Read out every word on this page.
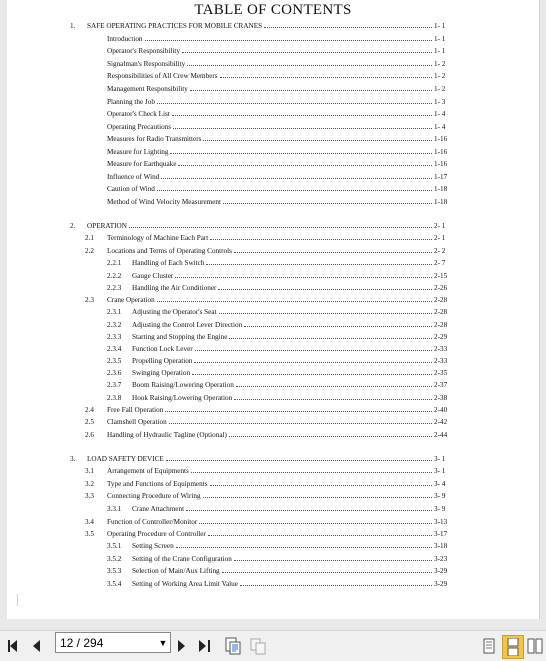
TABLE OF CONTENTS
1. SAFE OPERATING PRACTICES FOR MOBILE CRANES	1- 1
Introduction	1- 1
Operator's Responsibility	1- 1
Signalman's Responsibility	1- 2
Responsibilities of All Crew Members	1- 2
Management Responsibility	1- 2
Planning the Job	1- 3
Operator's Check List	1- 4
Operating Precautions	1- 4
Measures for Radio Transmitters	1-16
Measure for Lighting	1-16
Measure for Earthquake	1-16
Influence of Wind	1-17
Caution of Wind	1-18
Method of Wind Velocity Measurement	1-18
2. OPERATION	2- 1
2.1 Terminology of Machine Each Part	2- 1
2.2 Locations and Terms of Operating Controls	2- 2
2.2.1 Handling of Each Switch	2- 7
2.2.2 Gauge Cluster	2-15
2.2.3 Handling the Air Conditioner	2-26
2.3 Crane Operation	2-28
2.3.1 Adjusting the Operator's Seat	2-28
2.3.2 Adjusting the Control Lever Direction	2-28
2.3.3 Starting and Stopping the Engine	2-29
2.3.4 Function Lock Lever	2-33
2.3.5 Propelling Operation	2-33
2.3.6 Swinging Operation	2-35
2.3.7 Boom Raising/Lowering Operation	2-37
2.3.8 Hook Raising/Lowering Operation	2-38
2.4 Free Fall Operation	2-40
2.5 Clamshell Operation	2-42
2.6 Handling of Hydraulic Tagline (Optional)	2-44
3. LOAD SAFETY DEVICE	3- 1
3.1 Arrangement of Equipments	3- 1
3.2 Type and Functions of Equipments	3- 4
3.3 Connecting Procedure of Wiring	3- 9
3.3.1 Crane Attachment	3- 9
3.4 Function of Controller/Monitor	3-13
3.5 Operating Procedure of Controller	3-17
3.5.1 Setting Screen	3-18
3.5.2 Setting of the Crane Configuration	3-23
3.5.3 Selection of Main/Aux Lifting	3-29
3.5.4 Setting of Working Area Limit Value	3-29
12 / 294	▼
